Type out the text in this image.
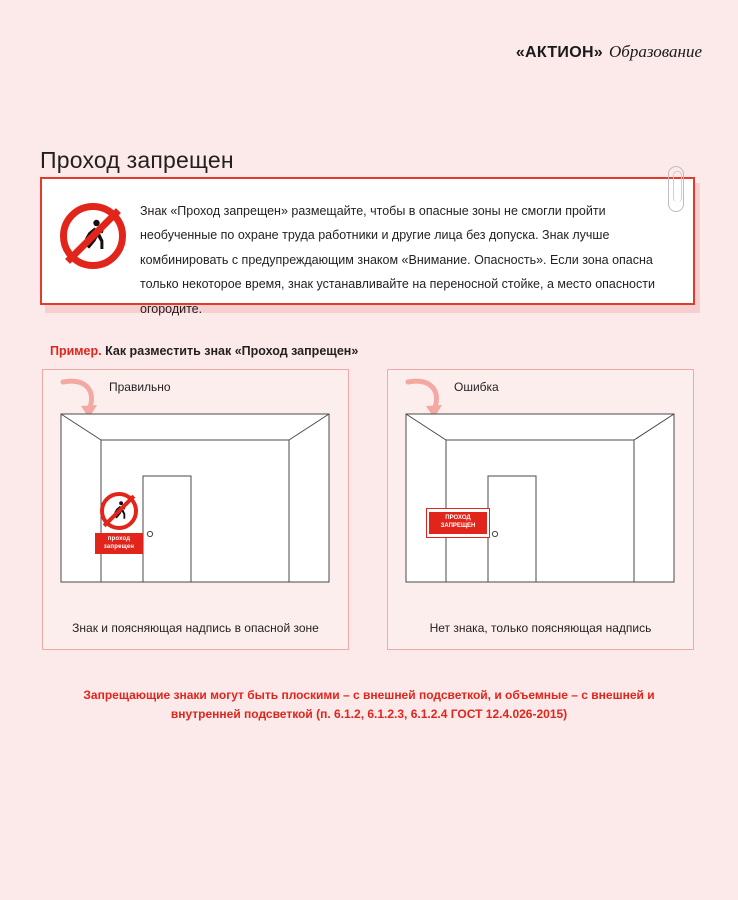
«АКТИОН» Образование
Проход запрещен
Знак «Проход запрещен» размещайте, чтобы в опасные зоны не смогли пройти необученные по охране труда работники и другие лица без допуска. Знак лучше комбинировать с предупреждающим знаком «Внимание. Опасность». Если зона опасна только некоторое время, знак устанавливайте на переносной стойке, а место опасности огородите.
Пример. Как разместить знак «Проход запрещен»
Правильно
проход
запрещен
Знак и поясняющая надпись в опасной зоне
Ошибка
ПРОХОД
ЗАПРЕЩЕН
Нет знака, только поясняющая надпись
Запрещающие знаки могут быть плоскими – с внешней подсветкой, и объемные – с внешней и внутренней подсветкой (п. 6.1.2, 6.1.2.3, 6.1.2.4 ГОСТ 12.4.026-2015)
